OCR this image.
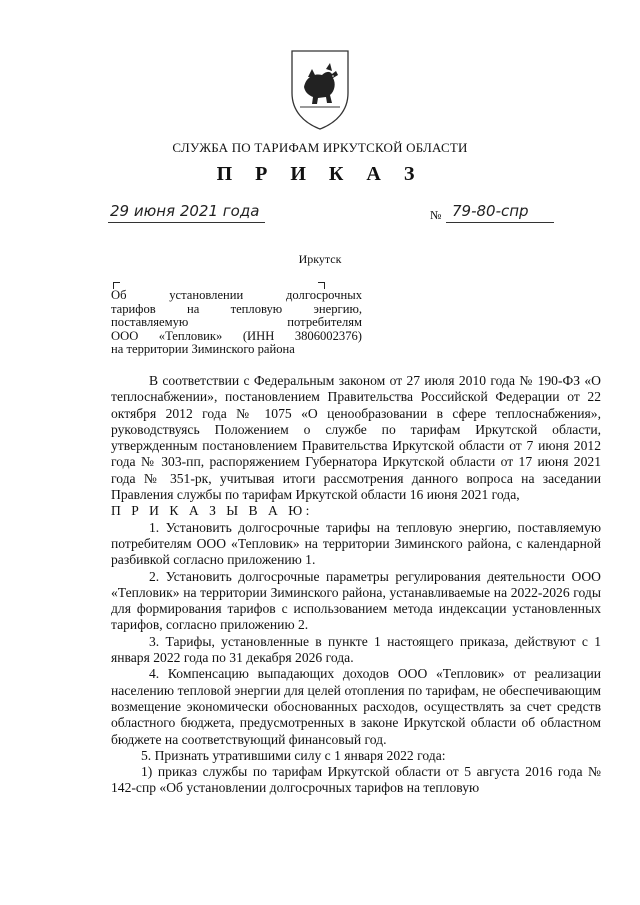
СЛУЖБА ПО ТАРИФАМ ИРКУТСКОЙ ОБЛАСТИ
П Р И К А З
29 июня 2021 года	№ 79-80-спр
Иркутск
Об установлении долгосрочных
тарифов на тепловую энергию,
поставляемую потребителям
ООО «Тепловик» (ИНН 3806002376)
на территории Зиминского района

В соответствии с Федеральным законом от 27 июля 2010 года № 190-ФЗ «О теплоснабжении», постановлением Правительства Российской Федерации от 22 октября 2012 года № 1075 «О ценообразовании в сфере теплоснабжения», руководствуясь Положением о службе по тарифам Иркутской области, утвержденным постановлением Правительства Иркутской области от 7 июня 2012 года № 303-пп, распоряжением Губернатора Иркутской области от 17 июня 2021 года № 351-рк, учитывая итоги рассмотрения данного вопроса на заседании Правления службы по тарифам Иркутской области 16 июня 2021 года,

П Р И К А З Ы В А Ю:

1. Установить долгосрочные тарифы на тепловую энергию, поставляемую потребителям ООО «Тепловик» на территории Зиминского района, с календарной разбивкой согласно приложению 1.

2. Установить долгосрочные параметры регулирования деятельности ООО «Тепловик» на территории Зиминского района, устанавливаемые на 2022-2026 годы для формирования тарифов с использованием метода индексации установленных тарифов, согласно приложению 2.

3. Тарифы, установленные в пункте 1 настоящего приказа, действуют с 1 января 2022 года по 31 декабря 2026 года.

4. Компенсацию выпадающих доходов ООО «Тепловик» от реализации населению тепловой энергии для целей отопления по тарифам, не обеспечивающим возмещение экономически обоснованных расходов, осуществлять за счет средств областного бюджета, предусмотренных в законе Иркутской области об областном бюджете на соответствующий финансовый год.

5. Признать утратившими силу с 1 января 2022 года:

1) приказ службы по тарифам Иркутской области от 5 августа 2016 года № 142-спр «Об установлении долгосрочных тарифов на тепловую
